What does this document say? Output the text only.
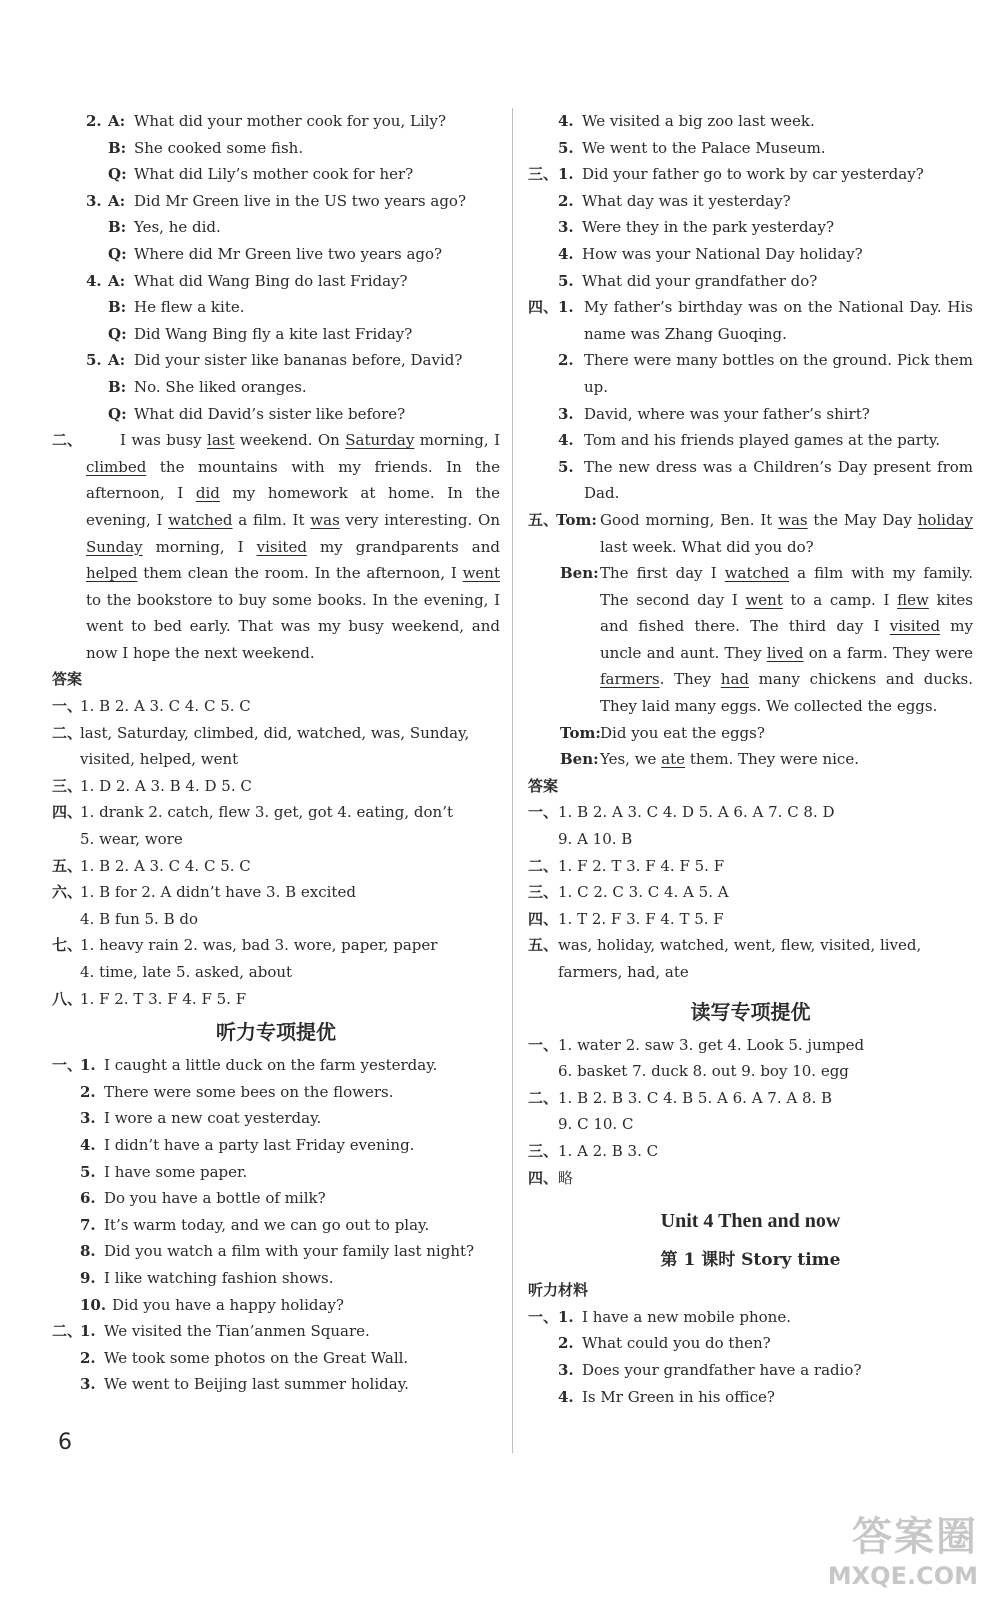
2. A: What did your mother cook for you, Lily?
B: She cooked some fish.
Q: What did Lily’s mother cook for her?
3. A: Did Mr Green live in the US two years ago?
B: Yes, he did.
Q: Where did Mr Green live two years ago?
4. A: What did Wang Bing do last Friday?
B: He flew a kite.
Q: Did Wang Bing fly a kite last Friday?
5. A: Did your sister like bananas before, David?
B: No. She liked oranges.
Q: What did David’s sister like before?
二、	I was busy last weekend. On Saturday morning, I climbed the mountains with my friends. In the afternoon, I did my homework at home. In the evening, I watched a film. It was very interesting. On Sunday morning, I visited my grandparents and helped them clean the room. In the afternoon, I went to the bookstore to buy some books. In the evening, I went to bed early. That was my busy weekend, and now I hope the next weekend.
答案
一、
1. B 2. A 3. C 4. C 5. C
二、
last, Saturday, climbed, did, watched, was, Sunday,
visited, helped, went
三、
1. D 2. A 3. B 4. D 5. C
四、
1. drank 2. catch, flew 3. get, got 4. eating, don’t
5. wear, wore
五、
1. B 2. A 3. C 4. C 5. C
六、
1. B for 2. A didn’t have 3. B excited
4. B fun 5. B do
七、
1. heavy rain 2. was, bad 3. wore, paper, paper
4. time, late 5. asked, about
八、
1. F 2. T 3. F 4. F 5. F
听力专项提优
一、
1. I caught a little duck on the farm yesterday.
2. There were some bees on the flowers.
3. I wore a new coat yesterday.
4. I didn’t have a party last Friday evening.
5. I have some paper.
6. Do you have a bottle of milk?
7. It’s warm today, and we can go out to play.
8. Did you watch a film with your family last night?
9. I like watching fashion shows.
10. Did you have a happy holiday?
二、
1. We visited the Tian’anmen Square.
2. We took some photos on the Great Wall.
3. We went to Beijing last summer holiday.
4. We visited a big zoo last week.
5. We went to the Palace Museum.
三、 1. Did your father go to work by car yesterday?
2. What day was it yesterday?
3. Were they in the park yesterday?
4. How was your National Day holiday?
5. What did your grandfather do?
四、 1. My father’s birthday was on the National Day. His name was Zhang Guoqing.
2. There were many bottles on the ground. Pick them up.
3. David, where was your father’s shirt?
4. Tom and his friends played games at the party.
5. The new dress was a Children’s Day present from Dad.
五、
Tom: Good morning, Ben. It was the May Day holiday last week. What did you do?
Ben: The first day I watched a film with my family. The second day I went to a camp. I flew kites and fished there. The third day I visited my uncle and aunt. They lived on a farm. They were farmers. They had many chickens and ducks. They laid many eggs. We collected the eggs.
Tom: Did you eat the eggs?
Ben: Yes, we ate them. They were nice.
答案
一、 1. B 2. A 3. C 4. D 5. A 6. A 7. C 8. D
9. A 10. B
二、 1. F 2. T 3. F 4. F 5. F
三、 1. C 2. C 3. C 4. A 5. A
四、 1. T 2. F 3. F 4. T 5. F
五、 was, holiday, watched, went, flew, visited, lived,
farmers, had, ate
读写专项提优
一、 1. water 2. saw 3. get 4. Look 5. jumped
6. basket 7. duck 8. out 9. boy 10. egg
二、 1. B 2. B 3. C 4. B 5. A 6. A 7. A 8. B
9. C 10. C
三、 1. A 2. B 3. C
四、 略
Unit 4 Then and now
第 1 课时 Story time
听力材料
一、 1. I have a new mobile phone.
2. What could you do then?
3. Does your grandfather have a radio?
4. Is Mr Green in his office?
6
答案圈
MXQE.COM
